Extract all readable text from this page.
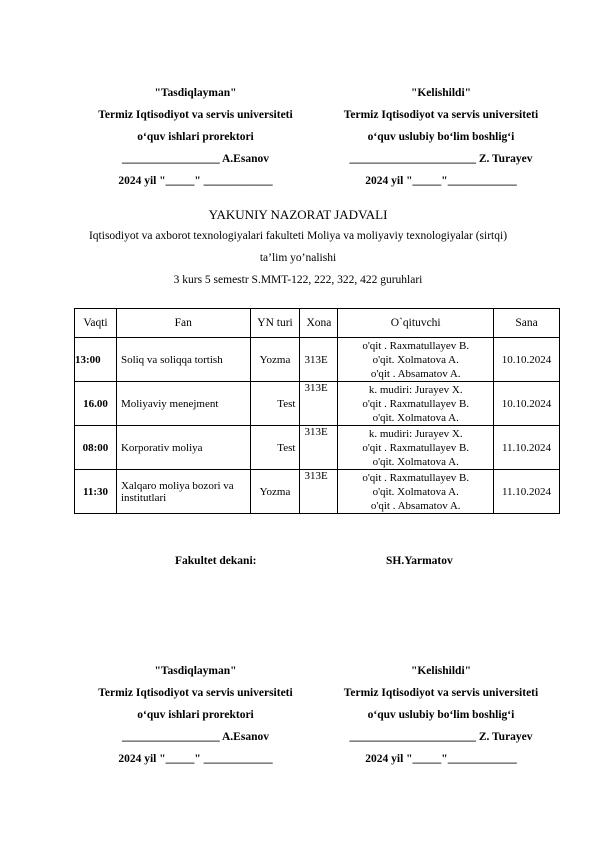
"Tasdiqlayman"
Termiz Iqtisodiyot va servis universiteti
o‘quv ishlari prorektori
_________________ A.Esanov
2024 yil "_____" ____________
"Kelishildi"
Termiz Iqtisodiyot va servis universiteti
o‘quv uslubiy bo‘lim boshlig‘i
______________________ Z. Turayev
2024 yil "_____"____________
YAKUNIY NAZORAT JADVALI
Iqtisodiyot va axborot texnologiyalari fakulteti Moliya va moliyaviy texnologiyalar (sirtqi)
ta’lim yo’nalishi
3 kurs 5 semestr S.MMT-122, 222, 322, 422 guruhlari
Vaqti	Fan	YN turi	Xona	O`qituvchi	Sana
13:00	Soliq va soliqqa tortish	Yozma	313E	o'qit . Raxmatullayev B.
o'qit. Xolmatova A.
o'qit . Absamatov A.	10.10.2024
16.00	Moliyaviy menejment	Test	313E	k. mudiri: Jurayev X.
o'qit . Raxmatullayev B.
o'qit. Xolmatova A.	10.10.2024
08:00	Korporativ moliya	Test	313E	k. mudiri: Jurayev X.
o'qit . Raxmatullayev B.
o'qit. Xolmatova A.	11.10.2024
11:30	Xalqaro moliya bozori va institutlari	Yozma	313E	o'qit . Raxmatullayev B.
o'qit. Xolmatova A.
o'qit . Absamatov A.	11.10.2024
Fakultet dekani:	SH.Yarmatov
"Tasdiqlayman"
Termiz Iqtisodiyot va servis universiteti
o‘quv ishlari prorektori
_________________ A.Esanov
2024 yil "_____" ____________
"Kelishildi"
Termiz Iqtisodiyot va servis universiteti
o‘quv uslubiy bo‘lim boshlig‘i
______________________ Z. Turayev
2024 yil "_____"____________
